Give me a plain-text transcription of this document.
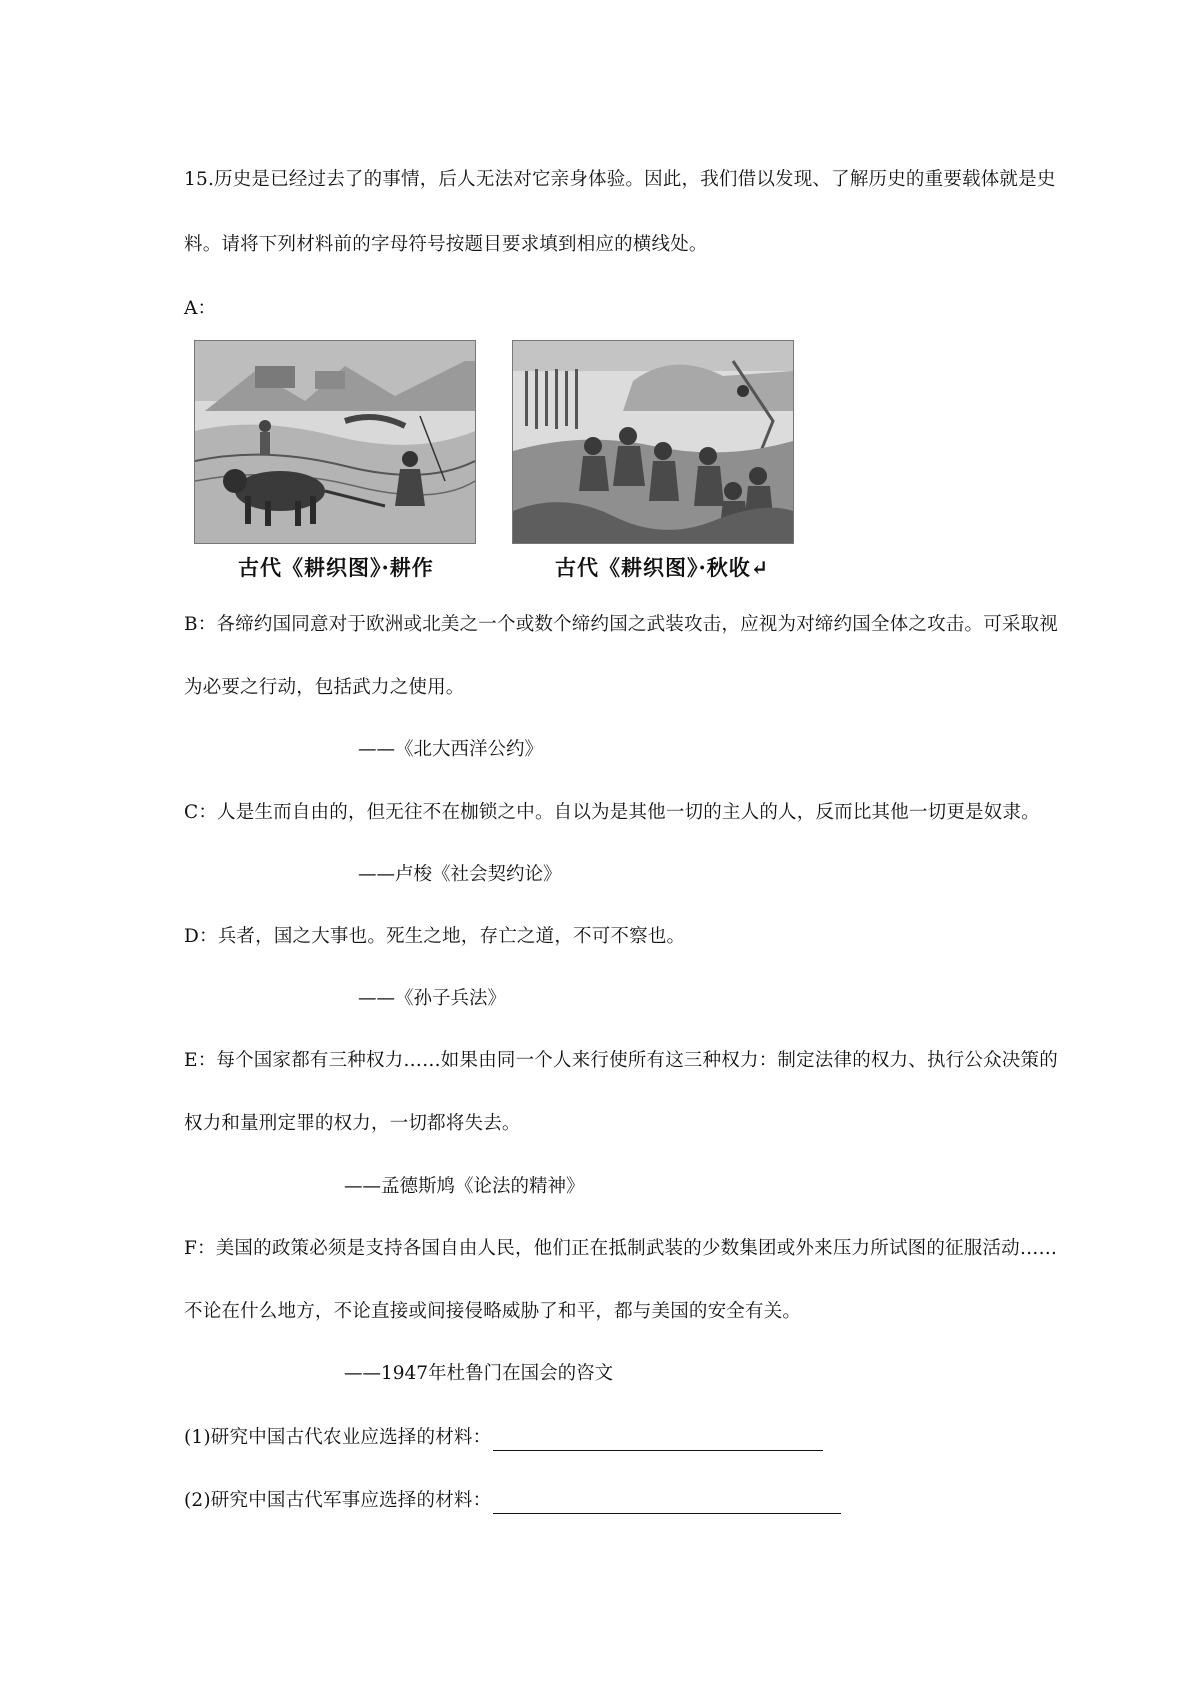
15.历史是已经过去了的事情，后人无法对它亲身体验。因此，我们借以发现、了解历史的重要载体就是史
料。请将下列材料前的字母符号按题目要求填到相应的横线处。
A：
古代《耕织图》·耕作	古代《耕织图》·秋收↵
B：各缔约国同意对于欧洲或北美之一个或数个缔约国之武装攻击，应视为对缔约国全体之攻击。可采取视
为必要之行动，包括武力之使用。
——《北大西洋公约》
C：人是生而自由的，但无往不在枷锁之中。自以为是其他一切的主人的人，反而比其他一切更是奴隶。
——卢梭《社会契约论》
D：兵者，国之大事也。死生之地，存亡之道，不可不察也。
——《孙子兵法》
E：每个国家都有三种权力……如果由同一个人来行使所有这三种权力：制定法律的权力、执行公众决策的
权力和量刑定罪的权力，一切都将失去。
——孟德斯鸠《论法的精神》
F：美国的政策必须是支持各国自由人民，他们正在抵制武装的少数集团或外来压力所试图的征服活动……
不论在什么地方，不论直接或间接侵略威胁了和平，都与美国的安全有关。
——1947年杜鲁门在国会的咨文
(1)研究中国古代农业应选择的材料：
(2)研究中国古代军事应选择的材料：
